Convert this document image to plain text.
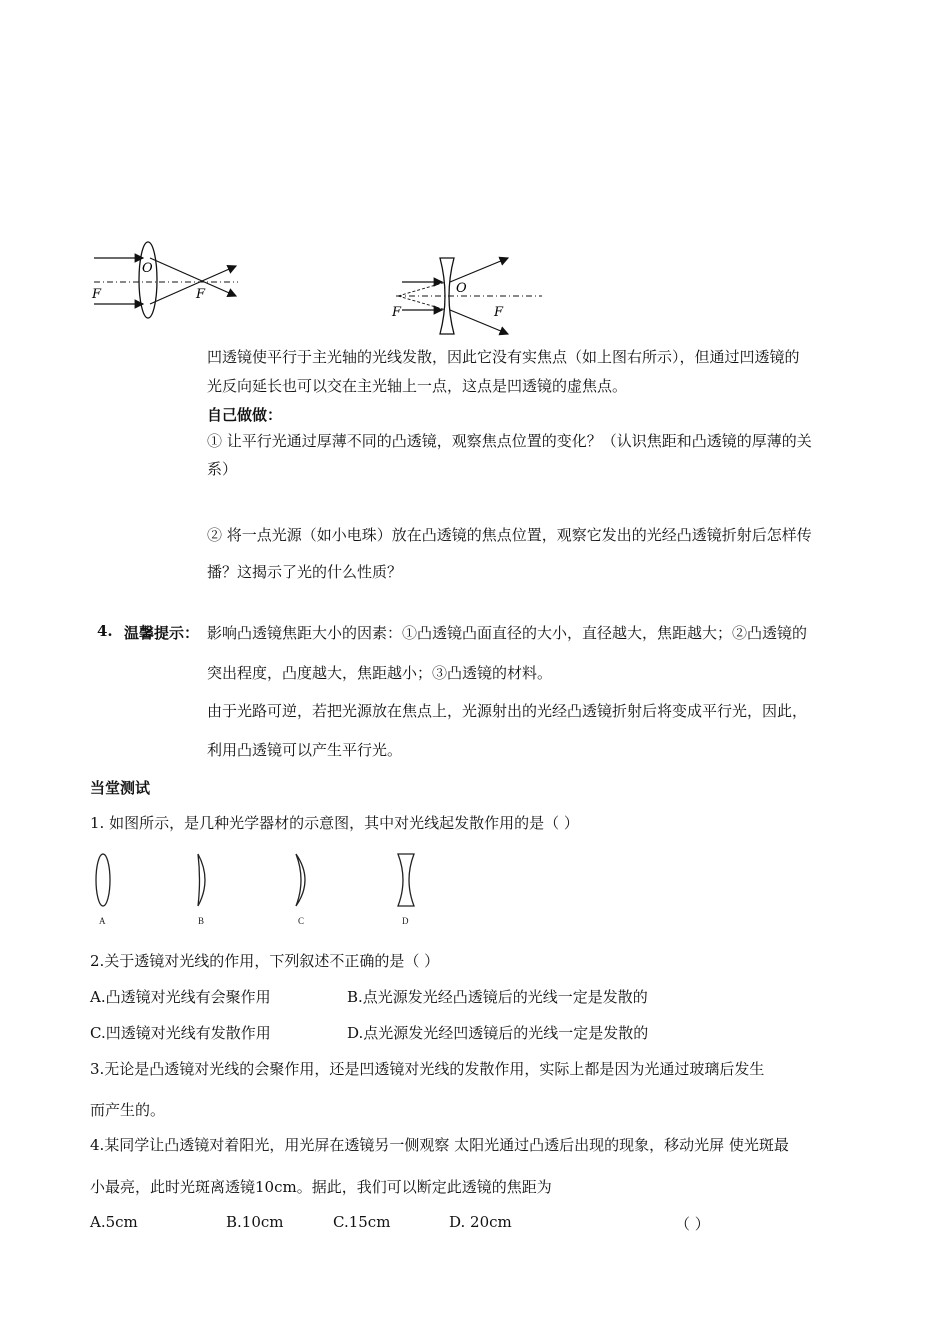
O
F	F	O
F	F
凹透镜使平行于主光轴的光线发散，因此它没有实焦点（如上图右所示），但通过凹透镜的
光反向延长也可以交在主光轴上一点，这点是凹透镜的虚焦点。
自己做做：
① 让平行光通过厚薄不同的凸透镜，观察焦点位置的变化？（认识焦距和凸透镜的厚薄的关
系）
② 将一点光源（如小电珠）放在凸透镜的焦点位置，观察它发出的光经凸透镜折射后怎样传
播？这揭示了光的什么性质？
4. 温馨提示： 影响凸透镜焦距大小的因素：①凸透镜凸面直径的大小，直径越大，焦距越大；②凸透镜的
突出程度，凸度越大，焦距越小；③凸透镜的材料。
由于光路可逆，若把光源放在焦点上，光源射出的光经凸透镜折射后将变成平行光，因此，
利用凸透镜可以产生平行光。
当堂测试
1. 如图所示，是几种光学器材的示意图，其中对光线起发散作用的是（ ）
A	B	C	D
2.关于透镜对光线的作用，下列叙述不正确的是（ ）
A.凸透镜对光线有会聚作用	B.点光源发光经凸透镜后的光线一定是发散的
C.凹透镜对光线有发散作用	D.点光源发光经凹透镜后的光线一定是发散的
3.无论是凸透镜对光线的会聚作用，还是凹透镜对光线的发散作用，实际上都是因为光通过玻璃后发生
而产生的。
4.某同学让凸透镜对着阳光，用光屏在透镜另一侧观察 太阳光通过凸透后出现的现象，移动光屏 使光斑最
小最亮，此时光斑离透镜10cm。据此，我们可以断定此透镜的焦距为
A.5cm	B.10cm	C.15cm	D. 20cm	（ ）
